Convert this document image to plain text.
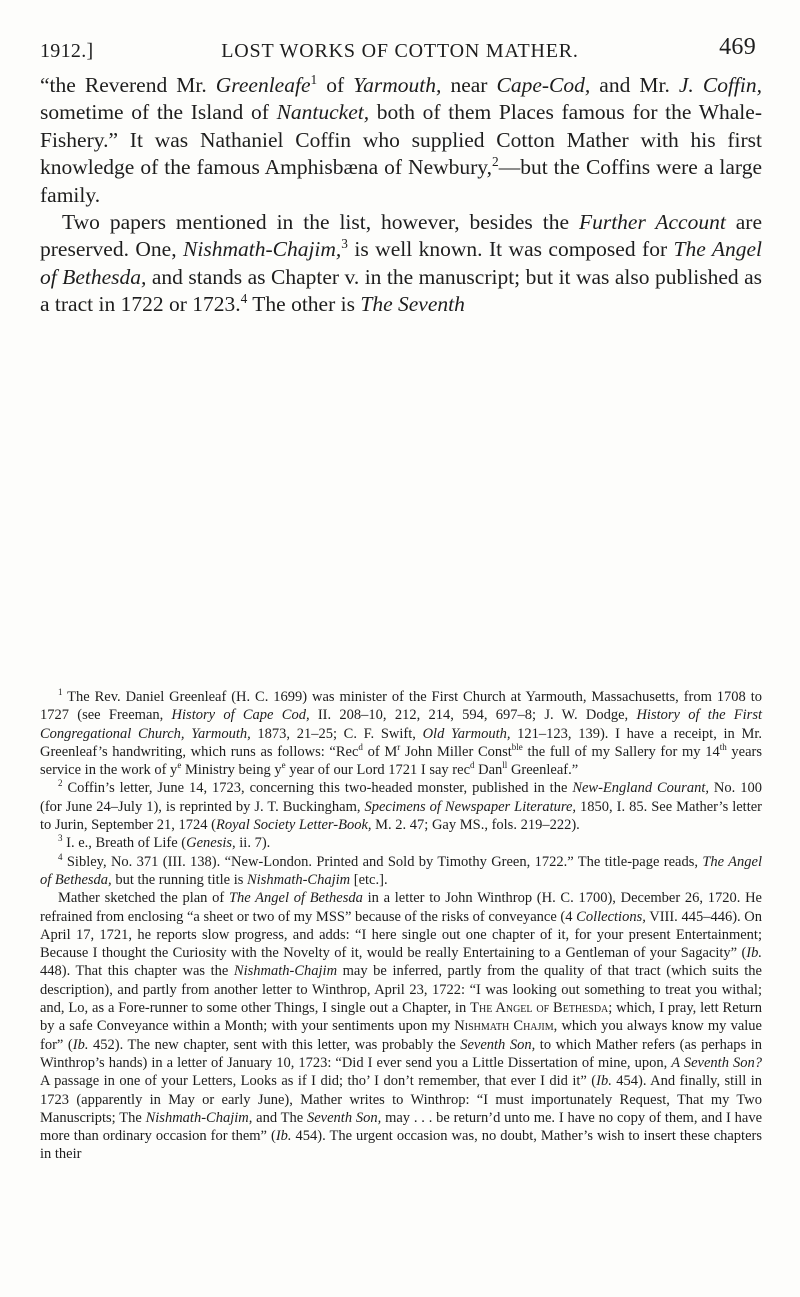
1912.]	LOST WORKS OF COTTON MATHER.	469

“the Reverend Mr. Greenleafe$^1$ of Yarmouth, near Cape-Cod, and Mr. J. Coffin, sometime of the Island of Nantucket, both of them Places famous for the Whale-Fishery.” It was Nathaniel Coffin who supplied Cotton Mather with his first knowledge of the famous Amphisbæna of Newbury,$^2$—but the Coffins were a large family.

Two papers mentioned in the list, however, besides the Further Account are preserved. One, Nishmath-Chajim,$^3$ is well known. It was composed for The Angel of Bethesda, and stands as Chapter v. in the manuscript; but it was also published as a tract in 1722 or 1723.$^4$ The other is The Seventh

$^1$ The Rev. Daniel Greenleaf (H. C. 1699) was minister of the First Church at Yarmouth, Massachusetts, from 1708 to 1727 (see Freeman, History of Cape Cod, II. 208–10, 212, 214, 594, 697–8; J. W. Dodge, History of the First Congregational Church, Yarmouth, 1873, 21–25; C. F. Swift, Old Yarmouth, 121–123, 139). I have a receipt, in Mr. Greenleaf’s handwriting, which runs as follows: “Rec$^d$ of $M^r$ John Miller Const$^{ble}$ the full of my Sallery for my 14th years service in the work of $y^e$ Ministry being $y^e$ year of our Lord 1721 I say rec$^d$ Dan$^{ll}$ Greenleaf.”

$^2$ Coffin’s letter, June 14, 1723, concerning this two-headed monster, published in the New-England Courant, No. 100 (for June 24–July 1), is reprinted by J. T. Buckingham, Specimens of Newspaper Literature, 1850, I. 85. See Mather’s letter to Jurin, September 21, 1724 (Royal Society Letter-Book, M. 2. 47; Gay MS., fols. 219–222).

$^3$ I. e., Breath of Life (Genesis, ii. 7).

$^4$ Sibley, No. 371 (III. 138). “New-London. Printed and Sold by Timothy Green, 1722.” The title-page reads, The Angel of Bethesda, but the running title is Nishmath-Chajim [etc.].

Mather sketched the plan of The Angel of Bethesda in a letter to John Winthrop (H. C. 1700), December 26, 1720. He refrained from enclosing “a sheet or two of my MSS” because of the risks of conveyance (4 Collections, VIII. 445–446). On April 17, 1721, he reports slow progress, and adds: “I here single out one chapter of it, for your present Entertainment; Because I thought the Curiosity with the Novelty of it, would be really Entertaining to a Gentleman of your Sagacity” (Ib. 448). That this chapter was the Nishmath-Chajim may be inferred, partly from the quality of that tract (which suits the description), and partly from another letter to Winthrop, April 23, 1722: “I was looking out something to treat you withal; and, Lo, as a Fore-runner to some other Things, I single out a Chapter, in The Angel of Bethesda; which, I pray, lett Return by a safe Conveyance within a Month; with your sentiments upon my Nishmath Chajim, which you always know my value for” (Ib. 452). The new chapter, sent with this letter, was probably the Seventh Son, to which Mather refers (as perhaps in Winthrop’s hands) in a letter of January 10, 1723: “Did I ever send you a Little Dissertation of mine, upon, A Seventh Son? A passage in one of your Letters, Looks as if I did; tho’ I don’t remember, that ever I did it” (Ib. 454). And finally, still in 1723 (apparently in May or early June), Mather writes to Winthrop: “I must importunately Request, That my Two Manuscripts; The Nishmath-Chajim, and The Seventh Son, may . . . be return’d unto me. I have no copy of them, and I have more than ordinary occasion for them” (Ib. 454). The urgent occasion was, no doubt, Mather’s wish to insert these chapters in their
